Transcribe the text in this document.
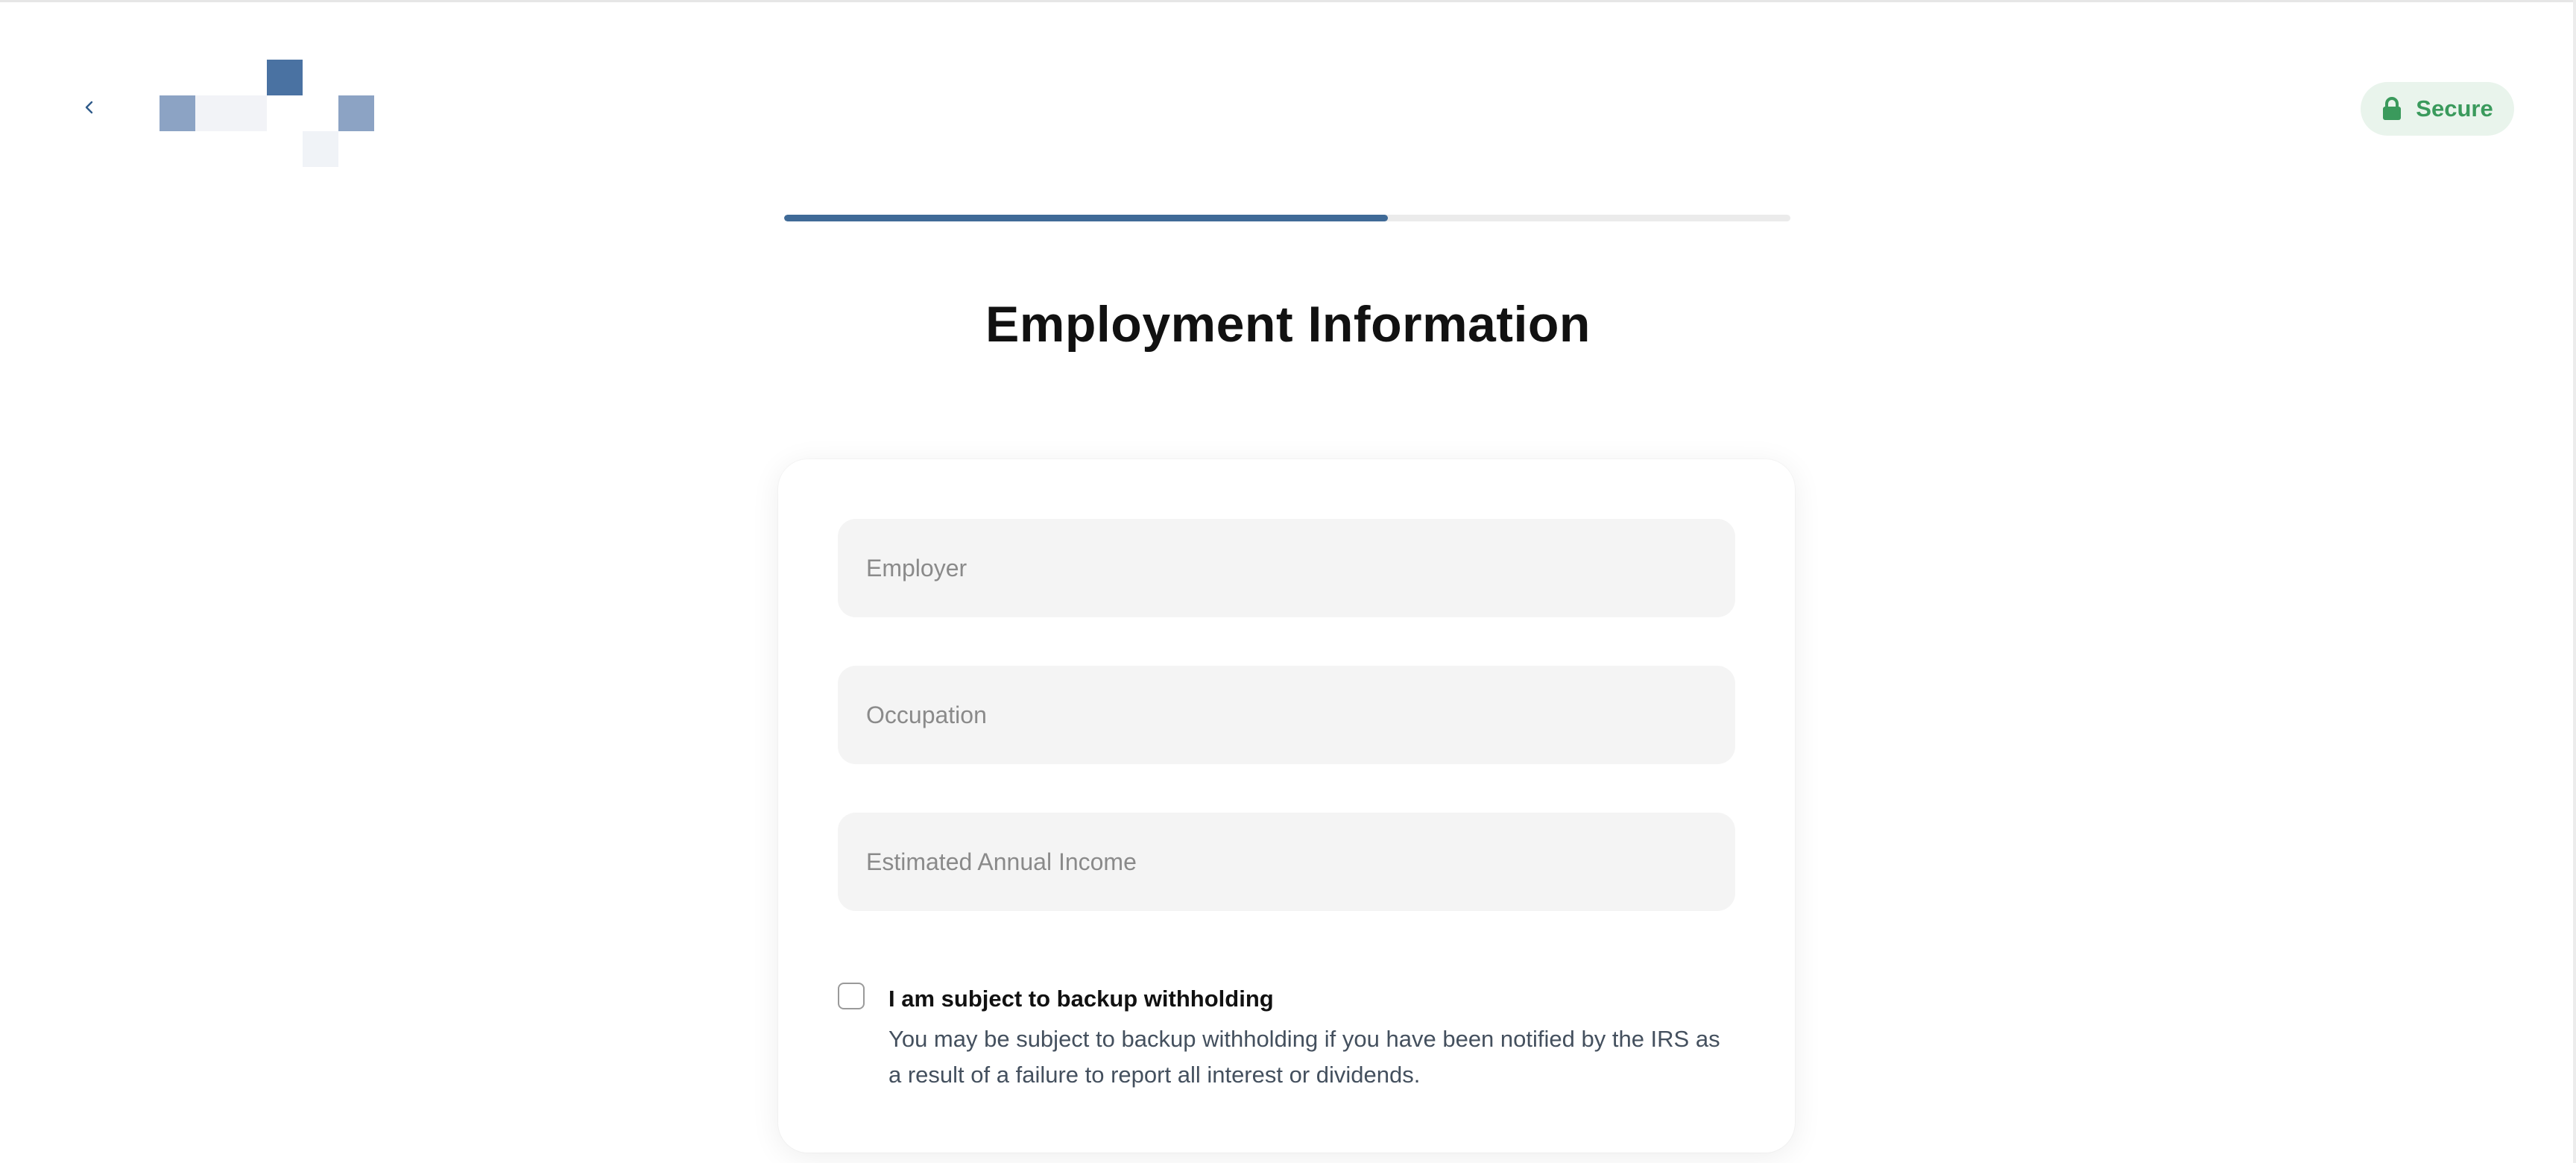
Secure
Employment Information
Employer
Occupation
Estimated Annual Income
I am subject to backup withholding
You may be subject to backup withholding if you have been notified by the IRS as a result of a failure to report all interest or dividends.
